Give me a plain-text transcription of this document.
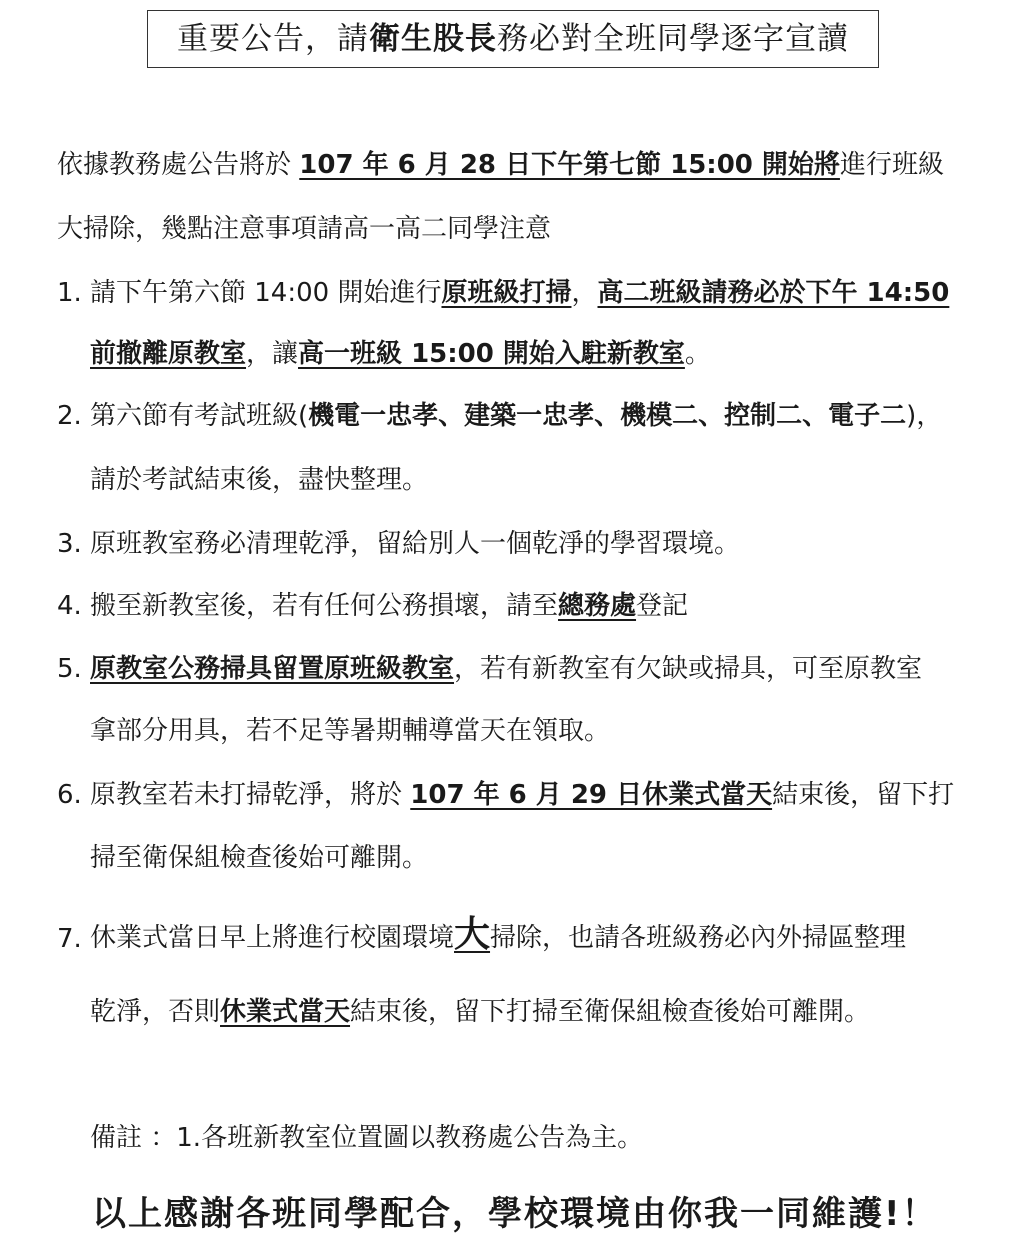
重要公告，請衛生股長務必對全班同學逐字宣讀
依據教務處公告將於 107 年 6 月 28 日下午第七節 15:00 開始將進行班級
大掃除，幾點注意事項請高一高二同學注意
1. 請下午第六節 14:00 開始進行原班級打掃，高二班級請務必於下午 14:50
前撤離原教室，讓高一班級 15:00 開始入駐新教室。
2. 第六節有考試班級(機電一忠孝、建築一忠孝、機模二、控制二、電子二)，
請於考試結束後，盡快整理。
3. 原班教室務必清理乾淨，留給別人一個乾淨的學習環境。
4. 搬至新教室後，若有任何公務損壞，請至總務處登記
5. 原教室公務掃具留置原班級教室，若有新教室有欠缺或掃具，可至原教室
拿部分用具，若不足等暑期輔導當天在領取。
6. 原教室若未打掃乾淨，將於 107 年 6 月 29 日休業式當天結束後，留下打
掃至衛保組檢查後始可離開。
7. 休業式當日早上將進行校園環境大掃除，也請各班級務必內外掃區整理
乾淨，否則休業式當天結束後，留下打掃至衛保組檢查後始可離開。
備註 ：1.各班新教室位置圖以教務處公告為主。
以上感謝各班同學配合，學校環境由你我一同維護!！
